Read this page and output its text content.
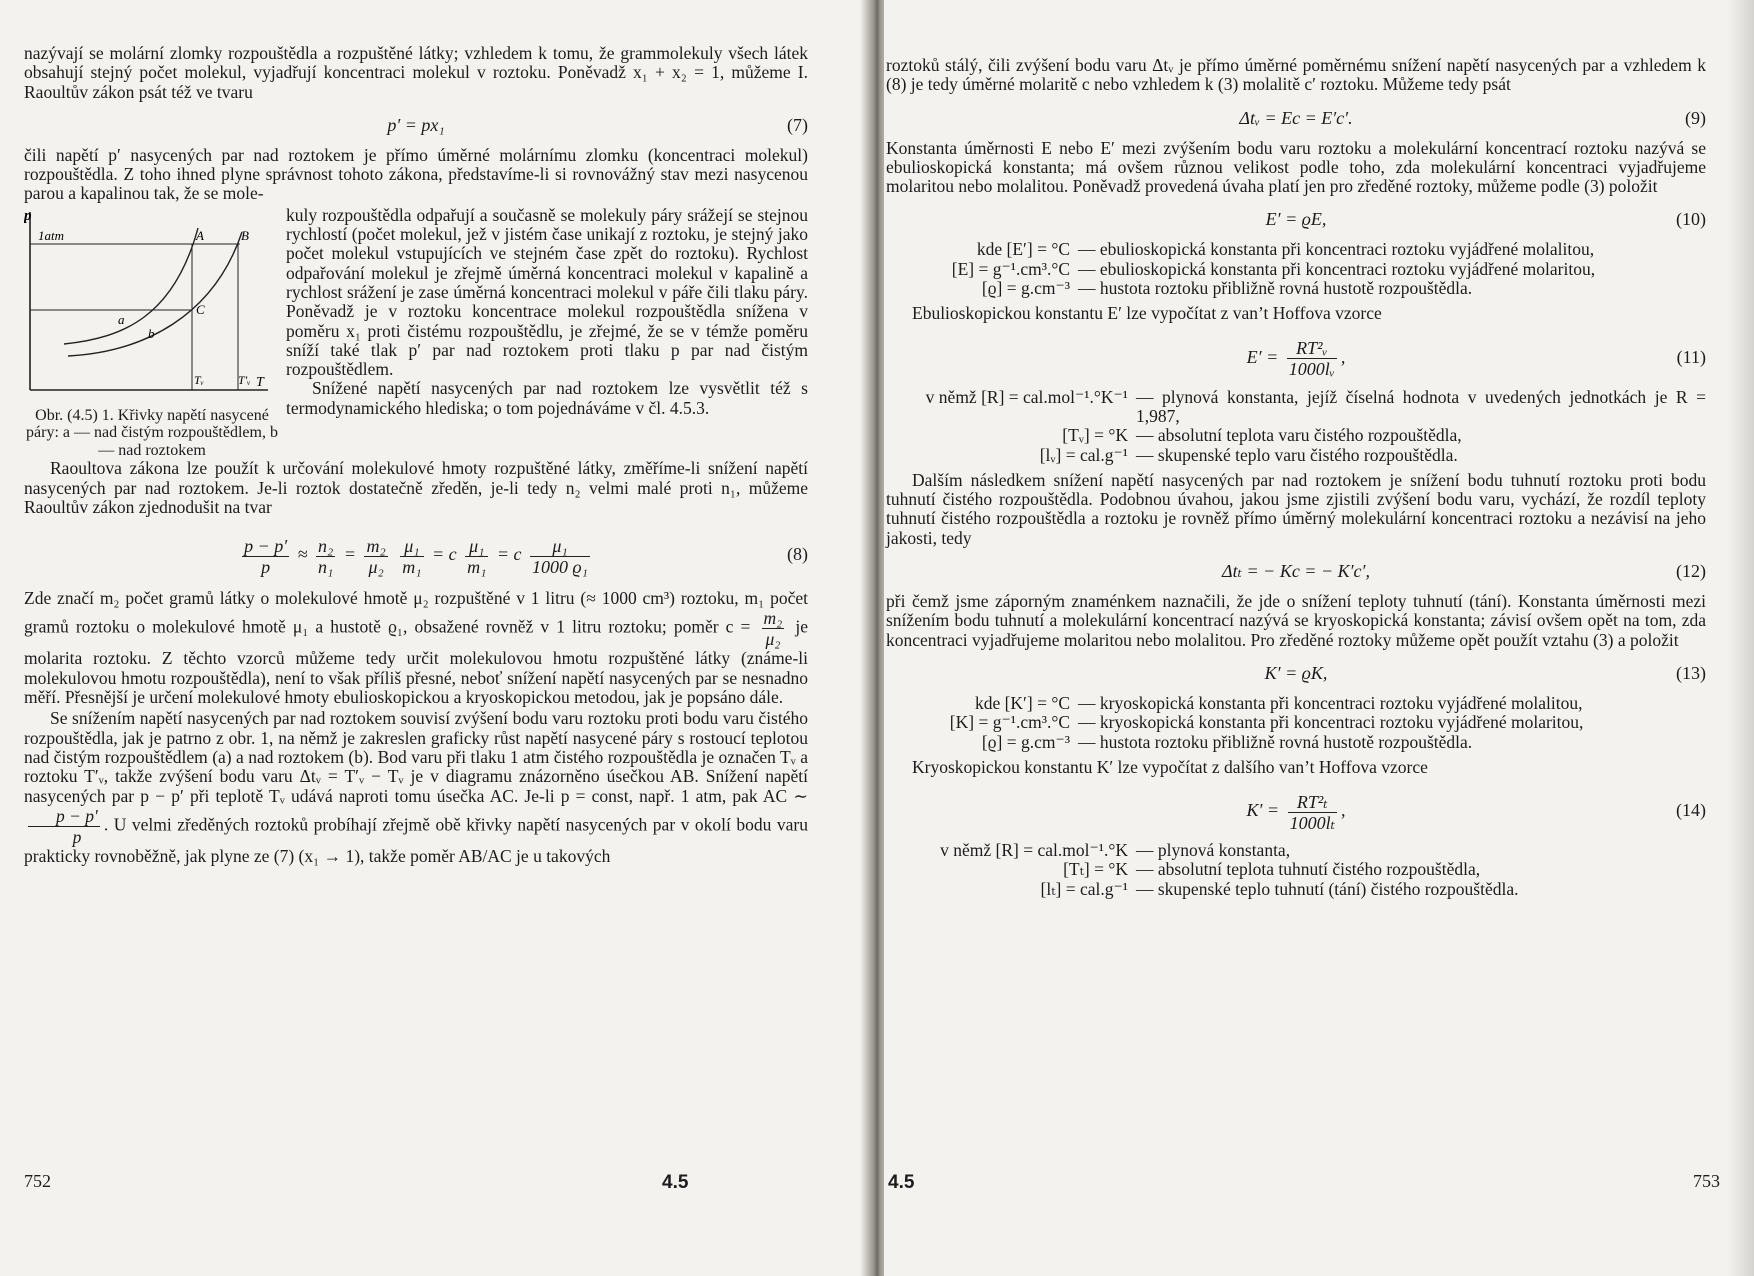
nazývají se molární zlomky rozpouštědla a rozpuštěné látky; vzhledem k tomu, že grammolekuly všech látek obsahují stejný počet molekul, vyjadřují koncentraci molekul v roztoku. Poněvadž x₁ + x₂ = 1, můžeme I. Raoultův zákon psát též ve tvaru

p′ = px₁	(7)

čili napětí p′ nasycených par nad roztokem je přímo úměrné molárnímu zlomku (koncentraci molekul) rozpouštědla. Z toho ihned plyne správnost tohoto zákona, představíme-li si rovnovážný stav mezi nasycenou parou a kapalinou tak, že se mole-

p
1atm	A	B
C
a
b
Tᵥ	T′ᵥ T
Obr. (4.5) 1. Křivky napětí nasycené páry: a — nad čistým rozpouštědlem, b — nad roztokem

kuly rozpouštědla odpařují a současně se molekuly páry srážejí se stejnou rychlostí (počet molekul, jež v jistém čase unikají z roztoku, je stejný jako počet molekul vstupujících ve stejném čase zpět do roztoku). Rychlost odpařování molekul je zřejmě úměrná koncentraci molekul v kapalině a rychlost srážení je zase úměrná koncentraci molekul v páře čili tlaku páry. Poněvadž je v roztoku koncentrace molekul rozpouštědla snížena v poměru x₁ proti čistému rozpouštědlu, je zřejmé, že se v témže poměru sníží také tlak p′ par nad roztokem proti tlaku p par nad čistým rozpouštědlem.

Snížené napětí nasycených par nad roztokem lze vysvětlit též s termodynamického hlediska; o tom pojednáváme v čl. 4.5.3.

Raoultova zákona lze použít k určování molekulové hmoty rozpuštěné látky, změříme-li snížení napětí nasycených par nad roztokem. Je-li roztok dostatečně zředěn, je-li tedy n₂ velmi malé proti n₁, můžeme Raoultův zákon zjednodušit na tvar

$\frac{p - p'}{p} \approx \frac{\text{n₂}}{\text{n₁}} = \frac{\text{m₂}}{\text{μ₂}}$
$\frac{\text{μ₁}}{\text{m₁}} = c \frac{\text{μ₁}}{\text{m₁}} = c \frac{\text{μ₁}}{\text{1000 ϱ₁}}$	(8)

Zde značí m₂ počet gramů látky o molekulové hmotě μ₂ rozpuštěné v 1 litru (≈ 1000 cm³) roztoku, m₁ počet gramů roztoku o molekulové hmotě μ₁ a hustotě ϱ₁, obsažené rovněž v 1 litru roztoku; poměr $c = \frac{\text{m₂}}{\text{μ₂}}$ je molarita roztoku. Z těchto vzorců můžeme tedy určit molekulovou hmotu rozpuštěné látky (známe-li molekulovou hmotu rozpouštědla), není to však příliš přesné, neboť snížení napětí nasycených par se nesnadno měří. Přesnější je určení molekulové hmoty ebulioskopickou a kryoskopickou metodou, jak je popsáno dále.

Se snížením napětí nasycených par nad roztokem souvisí zvýšení bodu varu roztoku proti bodu varu čistého rozpouštědla, jak je patrno z obr. 1, na němž je zakreslen graficky růst napětí nasycené páry s rostoucí teplotou nad čistým rozpouštědlem (a) a nad roztokem (b). Bod varu při tlaku 1 atm čistého rozpouštědla je označen Tᵥ a roztoku T′ᵥ, takže zvýšení bodu varu Δtᵥ = T′ᵥ − Tᵥ je v diagramu znázorněno úsečkou AB. Snížení napětí nasycených par p − p′ při teplotě Tᵥ udává naproti tomu úsečka AC. Je-li p = const, např. 1 atm, pak AC ∼
$\frac{p - p'}{p}$ . U velmi zředěných roztoků probíhají zřejmě obě křivky napětí nasycených par v okolí bodu varu prakticky rovnoběžně, jak plyne ze (7) (x₁ → 1), takže poměr AB/AC je u takových

752	4.5

roztoků stálý, čili zvýšení bodu varu Δtᵥ je přímo úměrné poměrnému snížení napětí nasycených par a vzhledem k (8) je tedy úměrné molaritě c nebo vzhledem k (3) molalitě c′ roztoku. Můžeme tedy psát

Δtᵥ = Ec = E′c′.	(9)

Konstanta úměrnosti E nebo E′ mezi zvýšením bodu varu roztoku a molekulární koncentrací roztoku nazývá se ebulioskopická konstanta; má ovšem různou velikost podle toho, zda molekulární koncentraci vyjadřujeme molaritou nebo molalitou. Poněvadž provedená úvaha platí jen pro zředěné roztoky, můžeme podle (3) položit

E′ = ϱE,	(10)
kde [E′] = °C — ebulioskopická konstanta při koncentraci roztoku vyjádřené molalitou,
[E] = g⁻¹.cm³.°C — ebulioskopická konstanta při koncentraci roztoku vyjádřené molaritou,
[ϱ] = g.cm⁻³ — hustota roztoku přibližně rovná hustotě rozpouštědla.

Ebulioskopickou konstantu E′ lze vypočítat z van’t Hoffova vzorce

$E' = \frac{\text{RT²ᵥ}}{\text{1000lᵥ}}$ ,	(11)
v němž [R] = cal.mol⁻¹.°K⁻¹ — plynová konstanta, jejíž číselná hodnota v uvedených jednotkách je R = 1,987,
[Tᵥ] = °K — absolutní teplota varu čistého rozpouštědla,
[lᵥ] = cal.g⁻¹ — skupenské teplo varu čistého rozpouštědla.

Dalším následkem snížení napětí nasycených par nad roztokem je snížení bodu tuhnutí roztoku proti bodu tuhnutí čistého rozpouštědla. Podobnou úvahou, jakou jsme zjistili zvýšení bodu varu, vychází, že rozdíl teploty tuhnutí čistého rozpouštědla a roztoku je rovněž přímo úměrný molekulární koncentraci roztoku a nezávisí na jeho jakosti, tedy

Δtₜ = − Kc = − K′c′,	(12)

při čemž jsme záporným znaménkem naznačili, že jde o snížení teploty tuhnutí (tání). Konstanta úměrnosti mezi snížením bodu tuhnutí a molekulární koncentrací nazývá se kryoskopická konstanta; závisí ovšem opět na tom, zda koncentraci vyjadřujeme molaritou nebo molalitou. Pro zředěné roztoky můžeme opět použít vztahu (3) a položit

K′ = ϱK,	(13)
kde [K′] = °C — kryoskopická konstanta při koncentraci roztoku vyjádřené molalitou,
[K] = g⁻¹.cm³.°C — kryoskopická konstanta při koncentraci roztoku vyjádřené molaritou,
[ϱ] = g.cm⁻³ — hustota roztoku přibližně rovná hustotě rozpouštědla.

Kryoskopickou konstantu K′ lze vypočítat z dalšího van’t Hoffova vzorce

$K' = \frac{\text{RT²ₜ}}{\text{1000lₜ}}$ ,	(14)
v němž [R] = cal.mol⁻¹.°K — plynová konstanta,
[Tₜ] = °K — absolutní teplota tuhnutí čistého rozpouštědla,
[lₜ] = cal.g⁻¹ — skupenské teplo tuhnutí (tání) čistého rozpouštědla.
4.5	753
